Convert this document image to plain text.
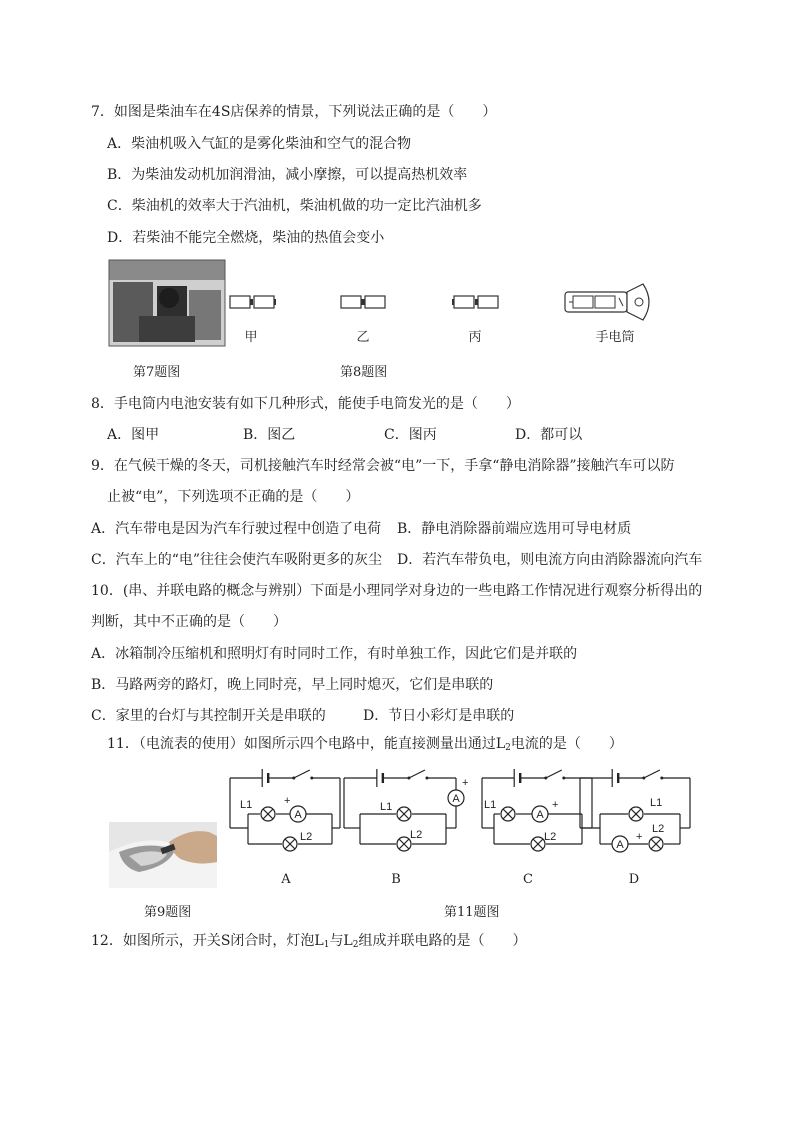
7．如图是柴油车在4S店保养的情景，下列说法正确的是（　　）
A．柴油机吸入气缸的是雾化柴油和空气的混合物
B．为柴油发动机加润滑油，减小摩擦，可以提高热机效率
C．柴油机的效率大于汽油机，柴油机做的功一定比汽油机多
D．若柴油不能完全燃烧，柴油的热值会变小
甲	乙	丙	手电筒
第7题图	第8题图
8．手电筒内电池安装有如下几种形式，能使手电筒发光的是（　　）
A．图甲	B．图乙	C．图丙	D．都可以
9．在气候干燥的冬天，司机接触汽车时经常会被“电”一下，手拿“静电消除器”接触汽车可以防
止被“电”，下列选项不正确的是（　　）
A．汽车带电是因为汽车行驶过程中创造了电荷 B．静电消除器前端应选用可导电材质
C．汽车上的“电”往往会使汽车吸附更多的灰尘 D．若汽车带负电，则电流方向由消除器流向汽车
10．(串、并联电路的概念与辨别）下面是小理同学对身边的一些电路工作情况进行观察分析得出的
判断，其中不正确的是（　　）
A．冰箱制冷压缩机和照明灯有时同时工作，有时单独工作，因此它们是并联的
B．马路两旁的路灯，晚上同时亮，早上同时熄灭，它们是串联的
C．家里的台灯与其控制开关是串联的	D．节日小彩灯是串联的
11．（电流表的使用）如图所示四个电路中，能直接测量出通过$L_2$电流的是（　　）
A
L1	+
L2
A
+
L1
L2
A
L1	+
L2
A
L1
+
L2
A	B	C	D
第9题图	第11题图
12．如图所示，开关S闭合时，灯泡$L_1$与$L_2$组成并联电路的是（　　）
